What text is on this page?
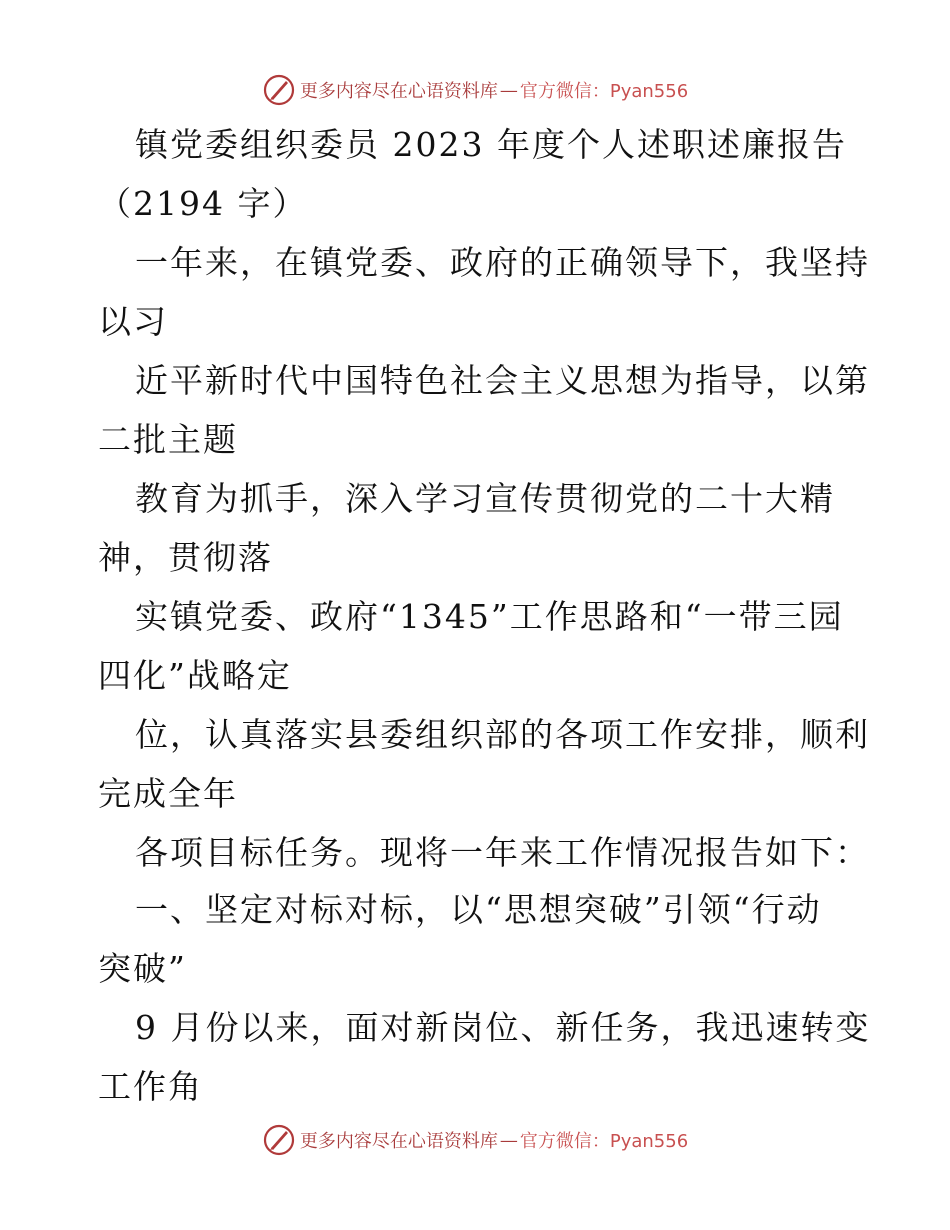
更多内容尽在心语资料库 — 官方微信：Pyan556
镇党委组织委员 2023 年度个人述职述廉报告
（2194 字）
一年来，在镇党委、政府的正确领导下，我坚持
以习
近平新时代中国特色社会主义思想为指导，以第
二批主题
教育为抓手，深入学习宣传贯彻党的二十大精
神，贯彻落
实镇党委、政府“1345”工作思路和“一带三园
四化”战略定
位，认真落实县委组织部的各项工作安排，顺利
完成全年
各项目标任务。现将一年来工作情况报告如下：
一、坚定对标对标，以“思想突破”引领“行动
突破”
9 月份以来，面对新岗位、新任务，我迅速转变
工作角
更多内容尽在心语资料库 — 官方微信：Pyan556
